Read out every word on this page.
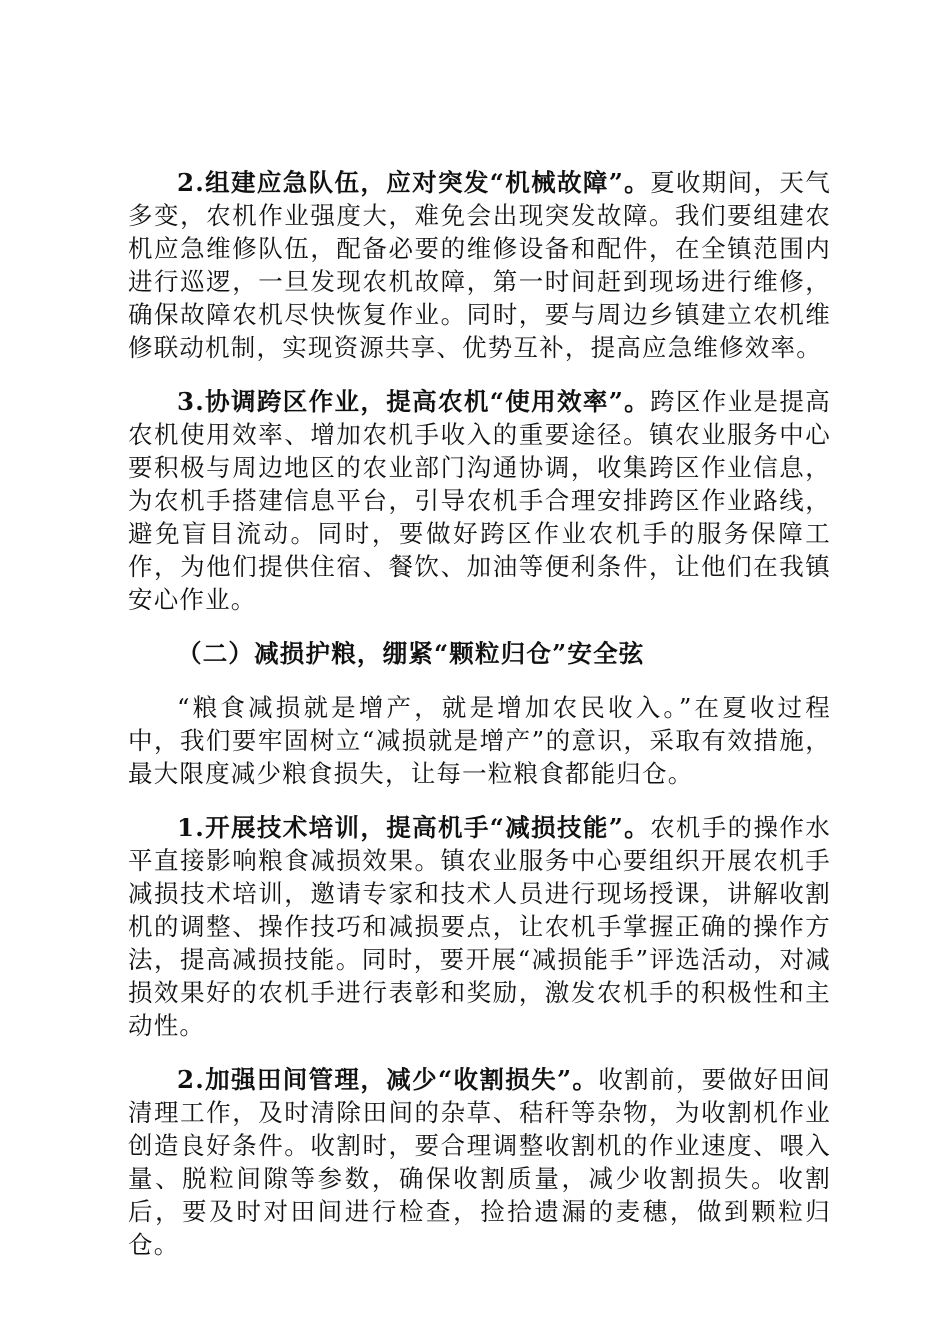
2.组建应急队伍，应对突发“机械故障”。夏收期间，天气多变，农机作业强度大，难免会出现突发故障。我们要组建农机应急维修队伍，配备必要的维修设备和配件，在全镇范围内进行巡逻，一旦发现农机故障，第一时间赶到现场进行维修，确保故障农机尽快恢复作业。同时，要与周边乡镇建立农机维修联动机制，实现资源共享、优势互补，提高应急维修效率。

3.协调跨区作业，提高农机“使用效率”。跨区作业是提高农机使用效率、增加农机手收入的重要途径。镇农业服务中心要积极与周边地区的农业部门沟通协调，收集跨区作业信息，为农机手搭建信息平台，引导农机手合理安排跨区作业路线，避免盲目流动。同时，要做好跨区作业农机手的服务保障工作，为他们提供住宿、餐饮、加油等便利条件，让他们在我镇安心作业。

（二）减损护粮，绷紧“颗粒归仓”安全弦

“粮食减损就是增产，就是增加农民收入。”在夏收过程中，我们要牢固树立“减损就是增产”的意识，采取有效措施，最大限度减少粮食损失，让每一粒粮食都能归仓。

1.开展技术培训，提高机手“减损技能”。农机手的操作水平直接影响粮食减损效果。镇农业服务中心要组织开展农机手减损技术培训，邀请专家和技术人员进行现场授课，讲解收割机的调整、操作技巧和减损要点，让农机手掌握正确的操作方法，提高减损技能。同时，要开展“减损能手”评选活动，对减损效果好的农机手进行表彰和奖励，激发农机手的积极性和主动性。

2.加强田间管理，减少“收割损失”。收割前，要做好田间清理工作，及时清除田间的杂草、秸秆等杂物，为收割机作业创造良好条件。收割时，要合理调整收割机的作业速度、喂入量、脱粒间隙等参数，确保收割质量，减少收割损失。收割后，要及时对田间进行检查，捡拾遗漏的麦穗，做到颗粒归仓。
